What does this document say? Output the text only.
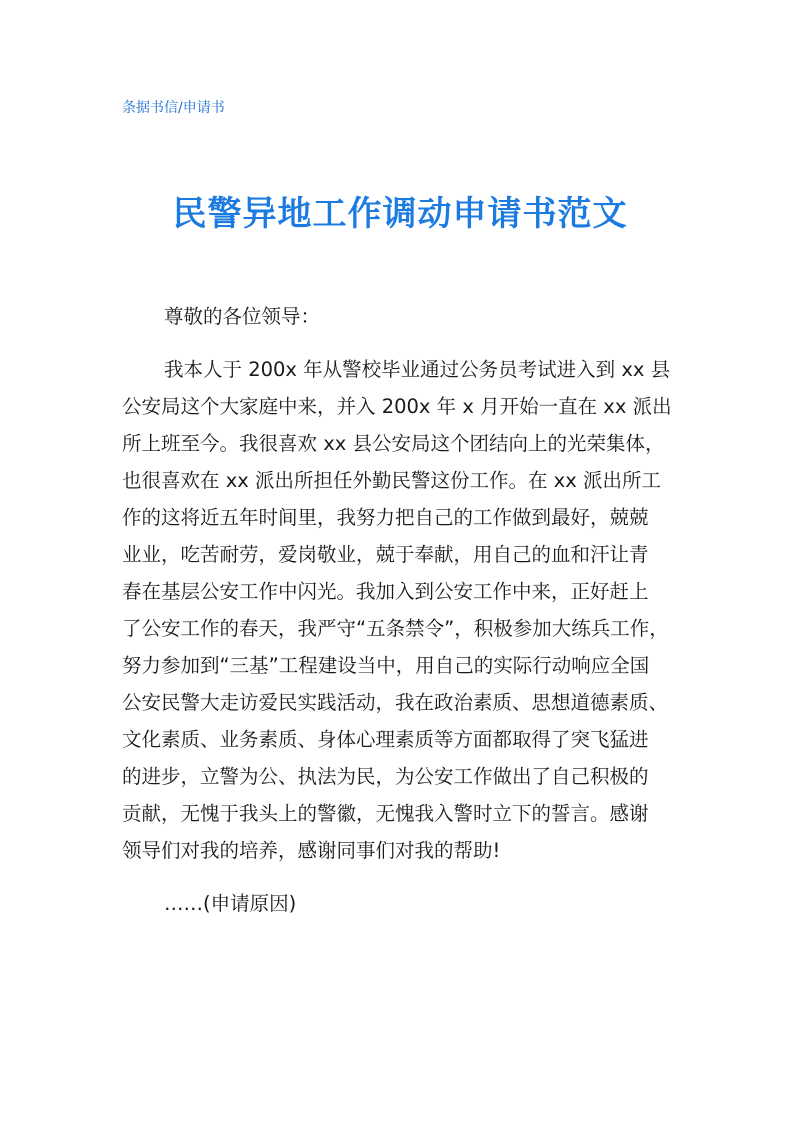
条据书信/申请书
民警异地工作调动申请书范文

尊敬的各位领导：

我本人于 200x 年从警校毕业通过公务员考试进入到 xx 县
公安局这个大家庭中来，并入 200x 年 x 月开始一直在 xx 派出
所上班至今。我很喜欢 xx 县公安局这个团结向上的光荣集体，
也很喜欢在 xx 派出所担任外勤民警这份工作。在 xx 派出所工
作的这将近五年时间里，我努力把自己的工作做到最好，兢兢
业业，吃苦耐劳，爱岗敬业，兢于奉献，用自己的血和汗让青
春在基层公安工作中闪光。我加入到公安工作中来，正好赶上
了公安工作的春天，我严守“五条禁令”，积极参加大练兵工作，
努力参加到“三基”工程建设当中，用自己的实际行动响应全国
公安民警大走访爱民实践活动，我在政治素质、思想道德素质、
文化素质、业务素质、身体心理素质等方面都取得了突飞猛进
的进步，立警为公、执法为民，为公安工作做出了自己积极的
贡献，无愧于我头上的警徽，无愧我入警时立下的誓言。感谢
领导们对我的培养，感谢同事们对我的帮助!

……(申请原因)
